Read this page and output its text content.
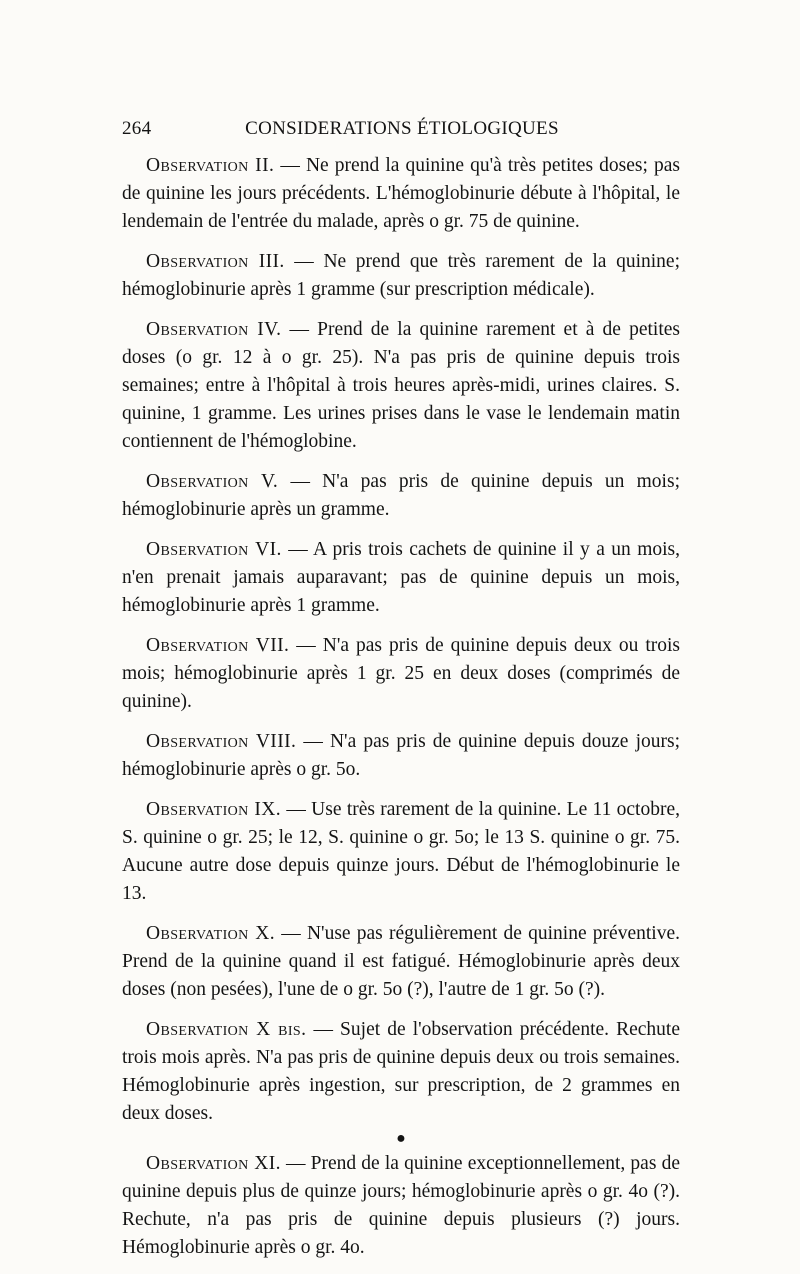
264	CONSIDERATIONS ÉTIOLOGIQUES

Observation II. — Ne prend la quinine qu'à très petites doses; pas de quinine les jours précédents. L'hémoglobinurie débute à l'hôpital, le lendemain de l'entrée du malade, après o gr. 75 de quinine.

Observation III. — Ne prend que très rarement de la quinine; hémoglobinurie après 1 gramme (sur prescription médicale).

Observation IV. — Prend de la quinine rarement et à de petites doses (o gr. 12 à o gr. 25). N'a pas pris de quinine depuis trois semaines; entre à l'hôpital à trois heures après-midi, urines claires. S. quinine, 1 gramme. Les urines prises dans le vase le lendemain matin contiennent de l'hémoglobine.

Observation V. — N'a pas pris de quinine depuis un mois; hémoglobinurie après un gramme.

Observation VI. — A pris trois cachets de quinine il y a un mois, n'en prenait jamais auparavant; pas de quinine depuis un mois, hémoglobinurie après 1 gramme.

Observation VII. — N'a pas pris de quinine depuis deux ou trois mois; hémoglobinurie après 1 gr. 25 en deux doses (comprimés de quinine).

Observation VIII. — N'a pas pris de quinine depuis douze jours; hémoglobinurie après o gr. 5o.

Observation IX. — Use très rarement de la quinine. Le 11 octobre, S. quinine o gr. 25; le 12, S. quinine o gr. 5o; le 13 S. quinine o gr. 75. Aucune autre dose depuis quinze jours. Début de l'hémoglobinurie le 13.

Observation X. — N'use pas régulièrement de quinine préventive. Prend de la quinine quand il est fatigué. Hémoglobinurie après deux doses (non pesées), l'une de o gr. 5o (?), l'autre de 1 gr. 5o (?).

Observation X bis. — Sujet de l'observation précédente. Rechute trois mois après. N'a pas pris de quinine depuis deux ou trois semaines. Hémoglobinurie après ingestion, sur prescription, de 2 grammes en deux doses.

●

Observation XI. — Prend de la quinine exceptionnellement, pas de quinine depuis plus de quinze jours; hémoglobinurie après o gr. 4o (?). Rechute, n'a pas pris de quinine depuis plusieurs (?) jours. Hémoglobinurie après o gr. 4o.
